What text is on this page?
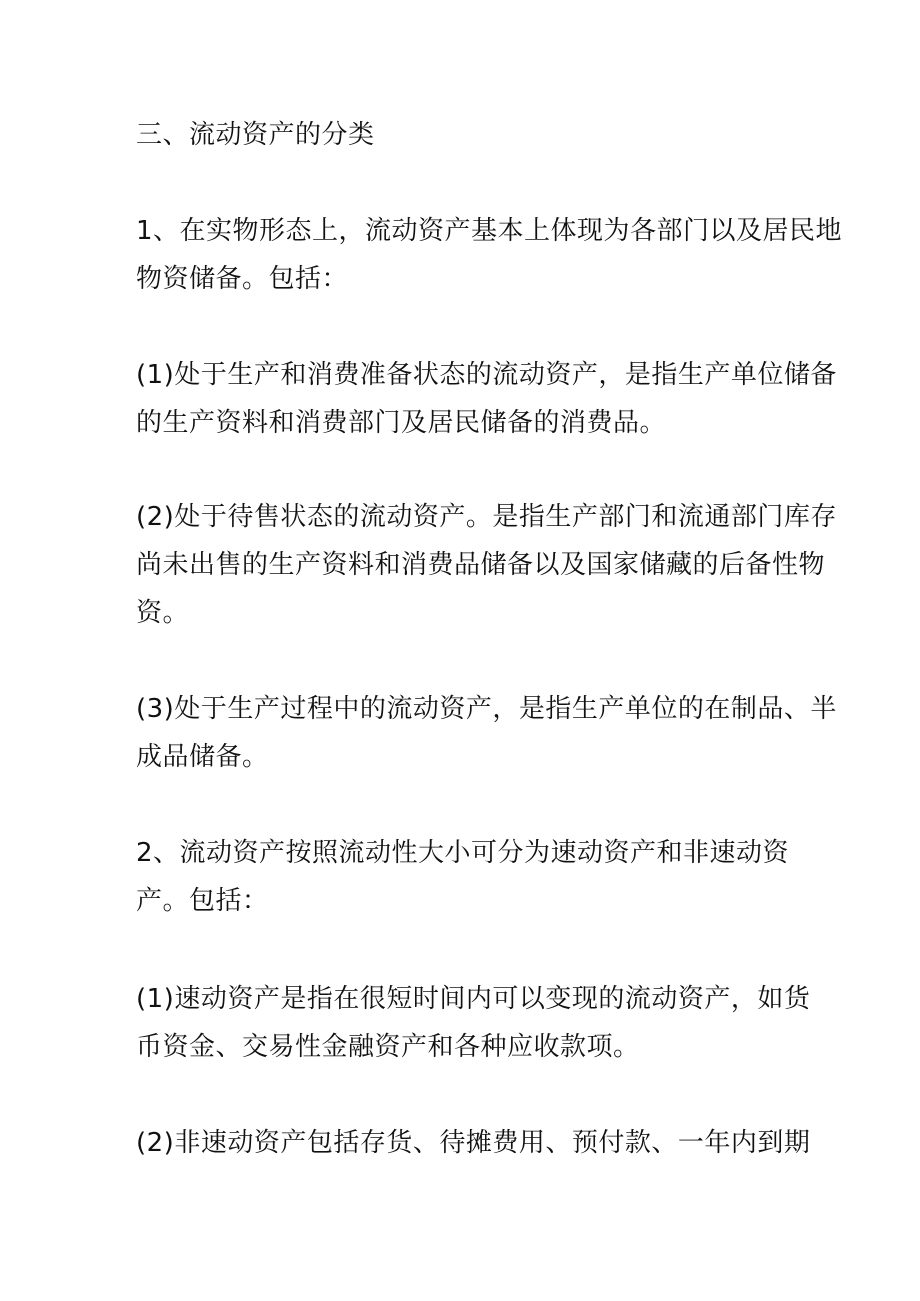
三、流动资产的分类
1、在实物形态上，流动资产基本上体现为各部门以及居民地
物资储备。包括：
(1)处于生产和消费准备状态的流动资产，是指生产单位储备
的生产资料和消费部门及居民储备的消费品。
(2)处于待售状态的流动资产。是指生产部门和流通部门库存
尚未出售的生产资料和消费品储备以及国家储藏的后备性物
资。
(3)处于生产过程中的流动资产，是指生产单位的在制品、半
成品储备。
2、流动资产按照流动性大小可分为速动资产和非速动资
产。包括：
(1)速动资产是指在很短时间内可以变现的流动资产，如货
币资金、交易性金融资产和各种应收款项。
(2)非速动资产包括存货、待摊费用、预付款、一年内到期
